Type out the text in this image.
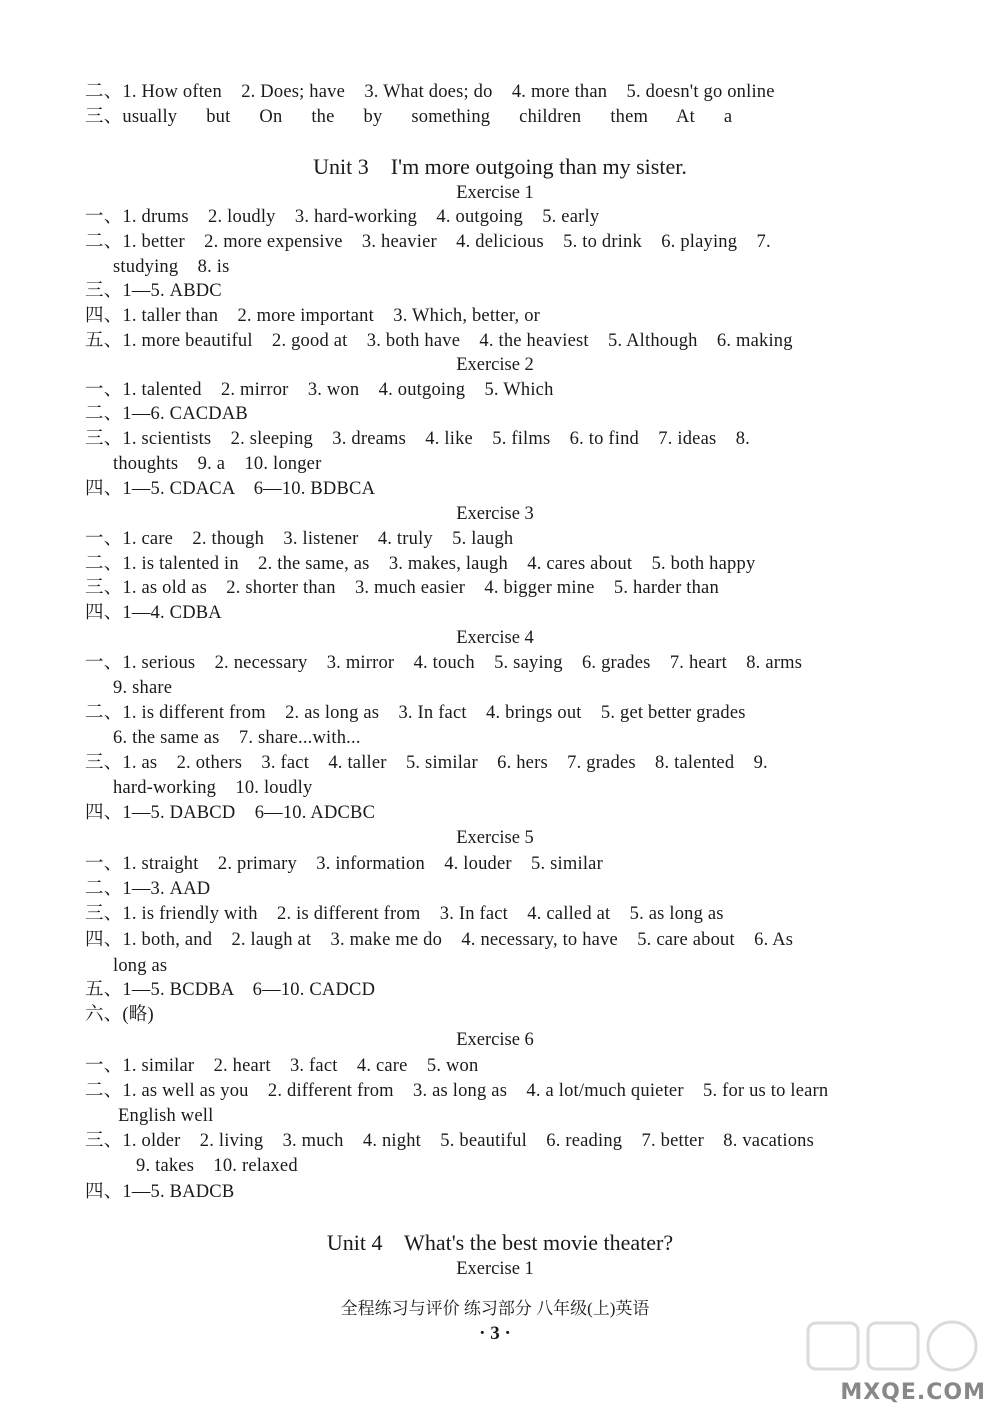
二、1. How often    2. Does; have    3. What does; do    4. more than    5. doesn't go online
三、usually      but      On      the      by      something      children      them      At      a
Unit 3    I'm more outgoing than my sister.
Exercise 1
一、1. drums    2. loudly    3. hard-working    4. outgoing    5. early
二、1. better    2. more expensive    3. heavier    4. delicious    5. to drink    6. playing    7.
studying    8. is
三、1—5. ABDC
四、1. taller than    2. more important    3. Which, better, or
五、1. more beautiful    2. good at    3. both have    4. the heaviest    5. Although    6. making
Exercise 2
一、1. talented    2. mirror    3. won    4. outgoing    5. Which
二、1—6. CACDAB
三、1. scientists    2. sleeping    3. dreams    4. like    5. films    6. to find    7. ideas    8.
thoughts    9. a    10. longer
四、1—5. CDACA    6—10. BDBCA
Exercise 3
一、1. care    2. though    3. listener    4. truly    5. laugh
二、1. is talented in    2. the same, as    3. makes, laugh    4. cares about    5. both happy
三、1. as old as    2. shorter than    3. much easier    4. bigger mine    5. harder than
四、1—4. CDBA
Exercise 4
一、1. serious    2. necessary    3. mirror    4. touch    5. saying    6. grades    7. heart    8. arms
9. share
二、1. is different from    2. as long as    3. In fact    4. brings out    5. get better grades
6. the same as    7. share...with...
三、1. as    2. others    3. fact    4. taller    5. similar    6. hers    7. grades    8. talented    9.
hard-working    10. loudly
四、1—5. DABCD    6—10. ADCBC
Exercise 5
一、1. straight    2. primary    3. information    4. louder    5. similar
二、1—3. AAD
三、1. is friendly with    2. is different from    3. In fact    4. called at    5. as long as
四、1. both, and    2. laugh at    3. make me do    4. necessary, to have    5. care about    6. As
long as
五、1—5. BCDBA    6—10. CADCD
六、(略)
Exercise 6
一、1. similar    2. heart    3. fact    4. care    5. won
二、1. as well as you    2. different from    3. as long as    4. a lot/much quieter    5. for us to learn
English well
三、1. older    2. living    3. much    4. night    5. beautiful    6. reading    7. better    8. vacations
9. takes    10. relaxed
四、1—5. BADCB
Unit 4    What's the best movie theater?
Exercise 1
全程练习与评价 练习部分 八年级(上)英语
· 3 ·
MXQE.COM
